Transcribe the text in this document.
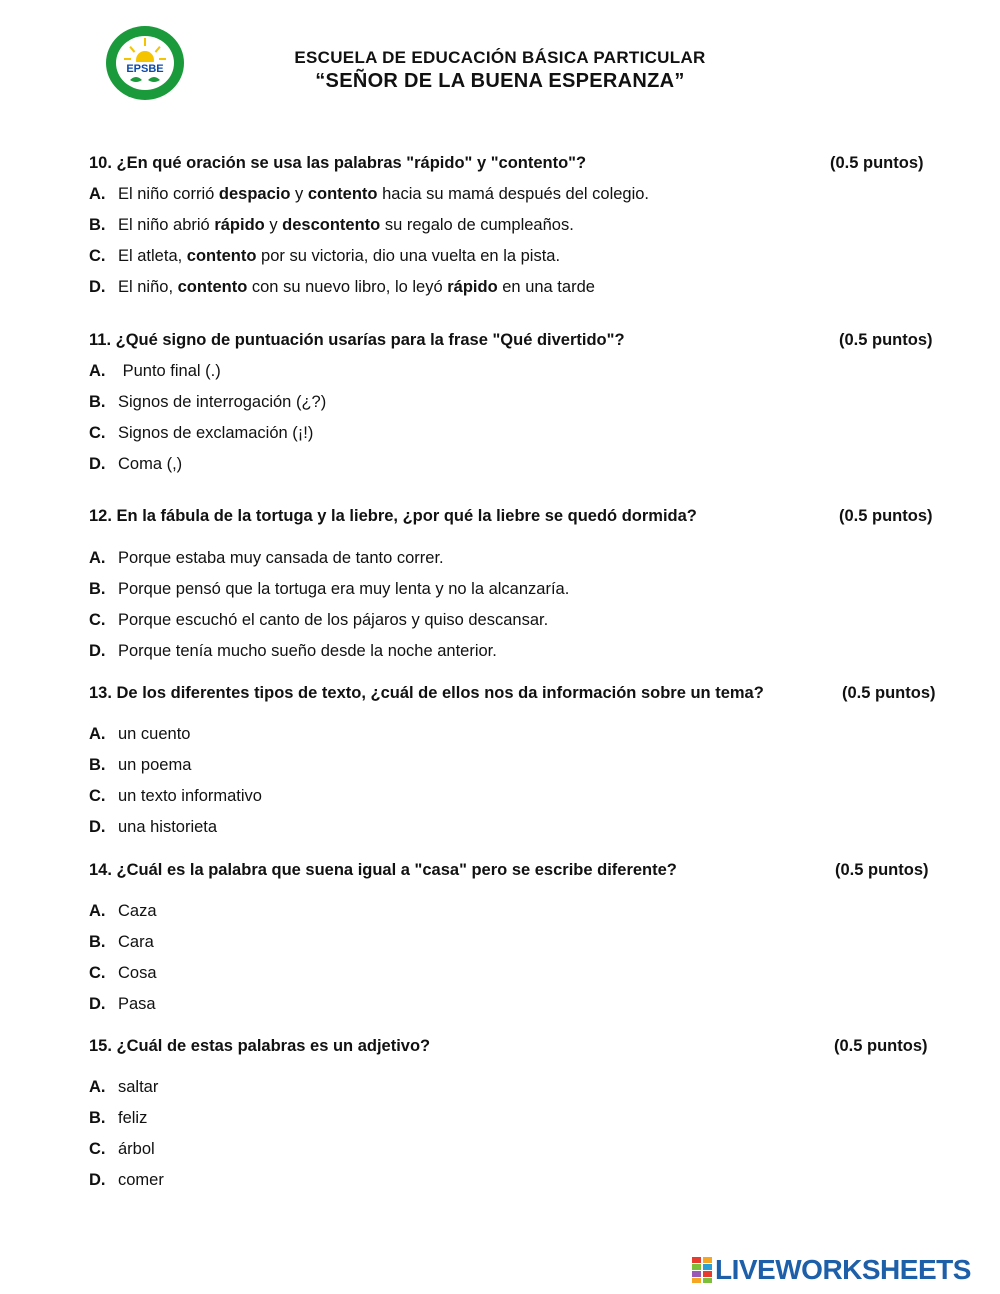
EPSBE
ESCUELA DE EDUCACIÓN BÁSICA PARTICULAR
“SEÑOR DE LA BUENA ESPERANZA”
10. ¿En qué oración se usa las palabras "rápido" y "contento"?	(0.5 puntos)
A. El niño corrió despacio y contento hacia su mamá después del colegio.
B. El niño abrió rápido y descontento su regalo de cumpleaños.
C. El atleta, contento por su victoria, dio una vuelta en la pista.
D. El niño, contento con su nuevo libro, lo leyó rápido en una tarde
11. ¿Qué signo de puntuación usarías para la frase "Qué divertido"?	(0.5 puntos)
A. Punto final (.)
B. Signos de interrogación (¿?)
C. Signos de exclamación (¡!)
D. Coma (,)
12. En la fábula de la tortuga y la liebre, ¿por qué la liebre se quedó dormida?	(0.5 puntos)
A. Porque estaba muy cansada de tanto correr.
B. Porque pensó que la tortuga era muy lenta y no la alcanzaría.
C. Porque escuchó el canto de los pájaros y quiso descansar.
D. Porque tenía mucho sueño desde la noche anterior.
13. De los diferentes tipos de texto, ¿cuál de ellos nos da información sobre un tema?	(0.5 puntos)
A. un cuento
B. un poema
C. un texto informativo
D. una historieta
14. ¿Cuál es la palabra que suena igual a "casa" pero se escribe diferente?	(0.5 puntos)
A. Caza
B. Cara
C. Cosa
D. Pasa
15. ¿Cuál de estas palabras es un adjetivo?	(0.5 puntos)
A. saltar
B. feliz
C. árbol
D. comer
LIVEWORKSHEETS
